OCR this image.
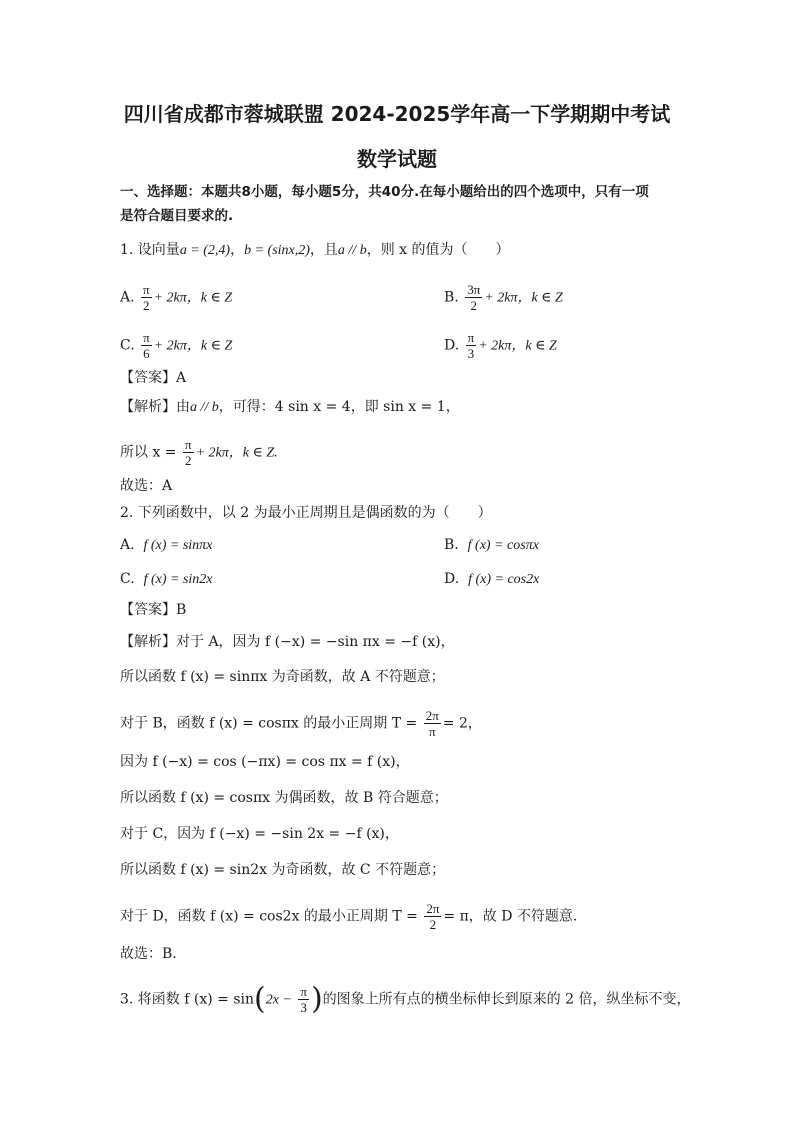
四川省成都市蓉城联盟 2024-2025学年高一下学期期中考试
数学试题
一、选择题：本题共8小题，每小题5分，共40分.在每小题给出的四个选项中，只有一项
是符合题目要求的.
1. 设向量a = (2,4)，b = (sinx,2)，且a // b，则 x 的值为（　　）
A. $\frac{\pi}{2} + 2k\pi$，k ∈ Z	B. $\frac{3\pi}{2} + 2k\pi$，k ∈ Z
C. $\frac{\pi}{6} + 2k\pi$，k ∈ Z	D. $\frac{\pi}{3} + 2k\pi$，k ∈ Z
【答案】A
【解析】由a // b，可得：4 sin x = 4，即 sin x = 1，
所以 $x = \frac{\pi}{2} + 2k\pi$，k ∈ Z.
故选：A
2. 下列函数中，以 2 为最小正周期且是偶函数的为（　　）
A. f (x) = sinπx	B. f (x) = cosπx
C. f (x) = sin2x	D. f (x) = cos2x
【答案】B
【解析】对于 A，因为 f (−x) = −sin πx = −f (x)，
所以函数 f (x) = sinπx 为奇函数，故 A 不符题意；
对于 B，函数 f (x) = cosπx 的最小正周期 $T = \frac{2\pi}{\pi} = 2$，
因为 f (−x) = cos (−πx) = cos πx = f (x)，
所以函数 f (x) = cosπx 为偶函数，故 B 符合题意；
对于 C，因为 f (−x) = −sin 2x = −f (x)，
所以函数 f (x) = sin2x 为奇函数，故 C 不符题意；
对于 D，函数 f (x) = cos2x 的最小正周期 $T = \frac{2\pi}{2} = \pi$，故 D 不符题意.
故选：B.
3. 将函数 f $(x) = \sin(2x - \frac{\pi}{3}$ )的图象上所有点的横坐标伸长到原来的 2 倍，纵坐标不变，
